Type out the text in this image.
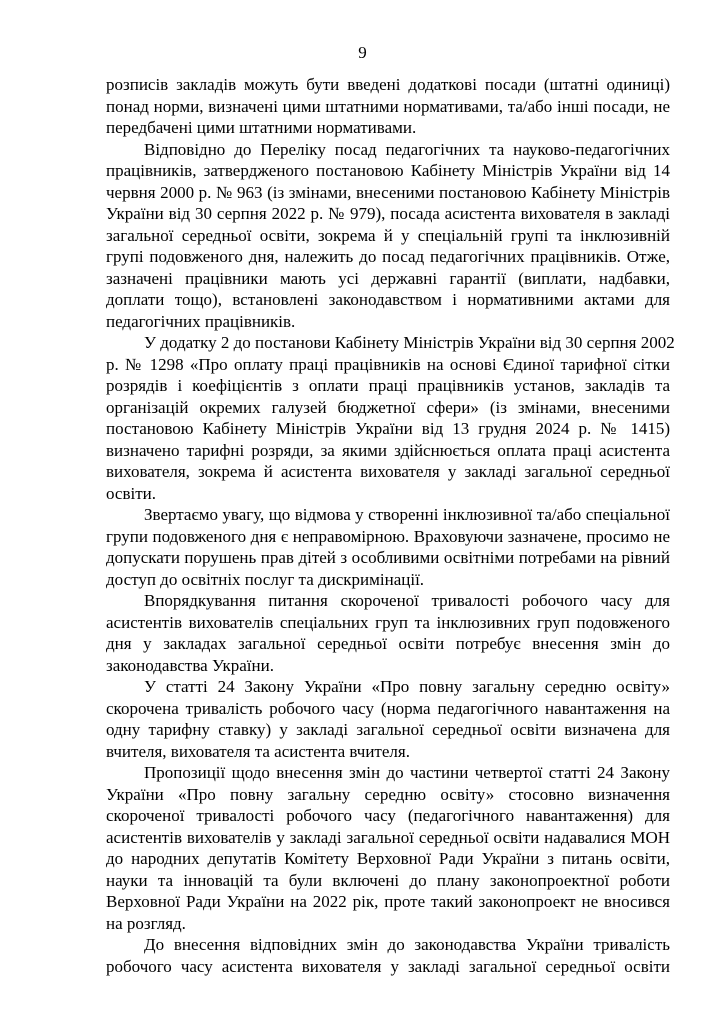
9
розписів закладів можуть бути введені додаткові посади (штатні одиниці)
понад норми, визначені цими штатними нормативами, та/або інші посади, не
передбачені цими штатними нормативами.
Відповідно до Переліку посад педагогічних та науково-педагогічних
працівників, затвердженого постановою Кабінету Міністрів України від 14
червня 2000 р. № 963 (із змінами, внесеними постановою Кабінету Міністрів
України від 30 серпня 2022 р. № 979), посада асистента вихователя в закладі
загальної середньої освіти, зокрема й у спеціальній групі та інклюзивній
групі подовженого дня, належить до посад педагогічних працівників. Отже,
зазначені працівники мають усі державні гарантії (виплати, надбавки,
доплати тощо), встановлені законодавством і нормативними актами для
педагогічних працівників.
У додатку 2 до постанови Кабінету Міністрів України від 30 серпня 2002
р. № 1298 «Про оплату праці працівників на основі Єдиної тарифної сітки
розрядів і коефіцієнтів з оплати праці працівників установ, закладів та
організацій окремих галузей бюджетної сфери» (із змінами, внесеними
постановою Кабінету Міністрів України від 13 грудня 2024 р. № 1415)
визначено тарифні розряди, за якими здійснюється оплата праці асистента
вихователя, зокрема й асистента вихователя у закладі загальної середньої
освіти.
Звертаємо увагу, що відмова у створенні інклюзивної та/або спеціальної
групи подовженого дня є неправомірною. Враховуючи зазначене, просимо не
допускати порушень прав дітей з особливими освітніми потребами на рівний
доступ до освітніх послуг та дискримінації.
Впорядкування питання скороченої тривалості робочого часу для
асистентів вихователів спеціальних груп та інклюзивних груп подовженого
дня у закладах загальної середньої освіти потребує внесення змін до
законодавства України.
У статті 24 Закону України «Про повну загальну середню освіту»
скорочена тривалість робочого часу (норма педагогічного навантаження на
одну тарифну ставку) у закладі загальної середньої освіти визначена для
вчителя, вихователя та асистента вчителя.
Пропозиції щодо внесення змін до частини четвертої статті 24 Закону
України «Про повну загальну середню освіту» стосовно визначення
скороченої тривалості робочого часу (педагогічного навантаження) для
асистентів вихователів у закладі загальної середньої освіти надавалися МОН
до народних депутатів Комітету Верховної Ради України з питань освіти,
науки та інновацій та були включені до плану законопроектної роботи
Верховної Ради України на 2022 рік, проте такий законопроект не вносився
на розгляд.
До внесення відповідних змін до законодавства України тривалість
робочого часу асистента вихователя у закладі загальної середньої освіти
